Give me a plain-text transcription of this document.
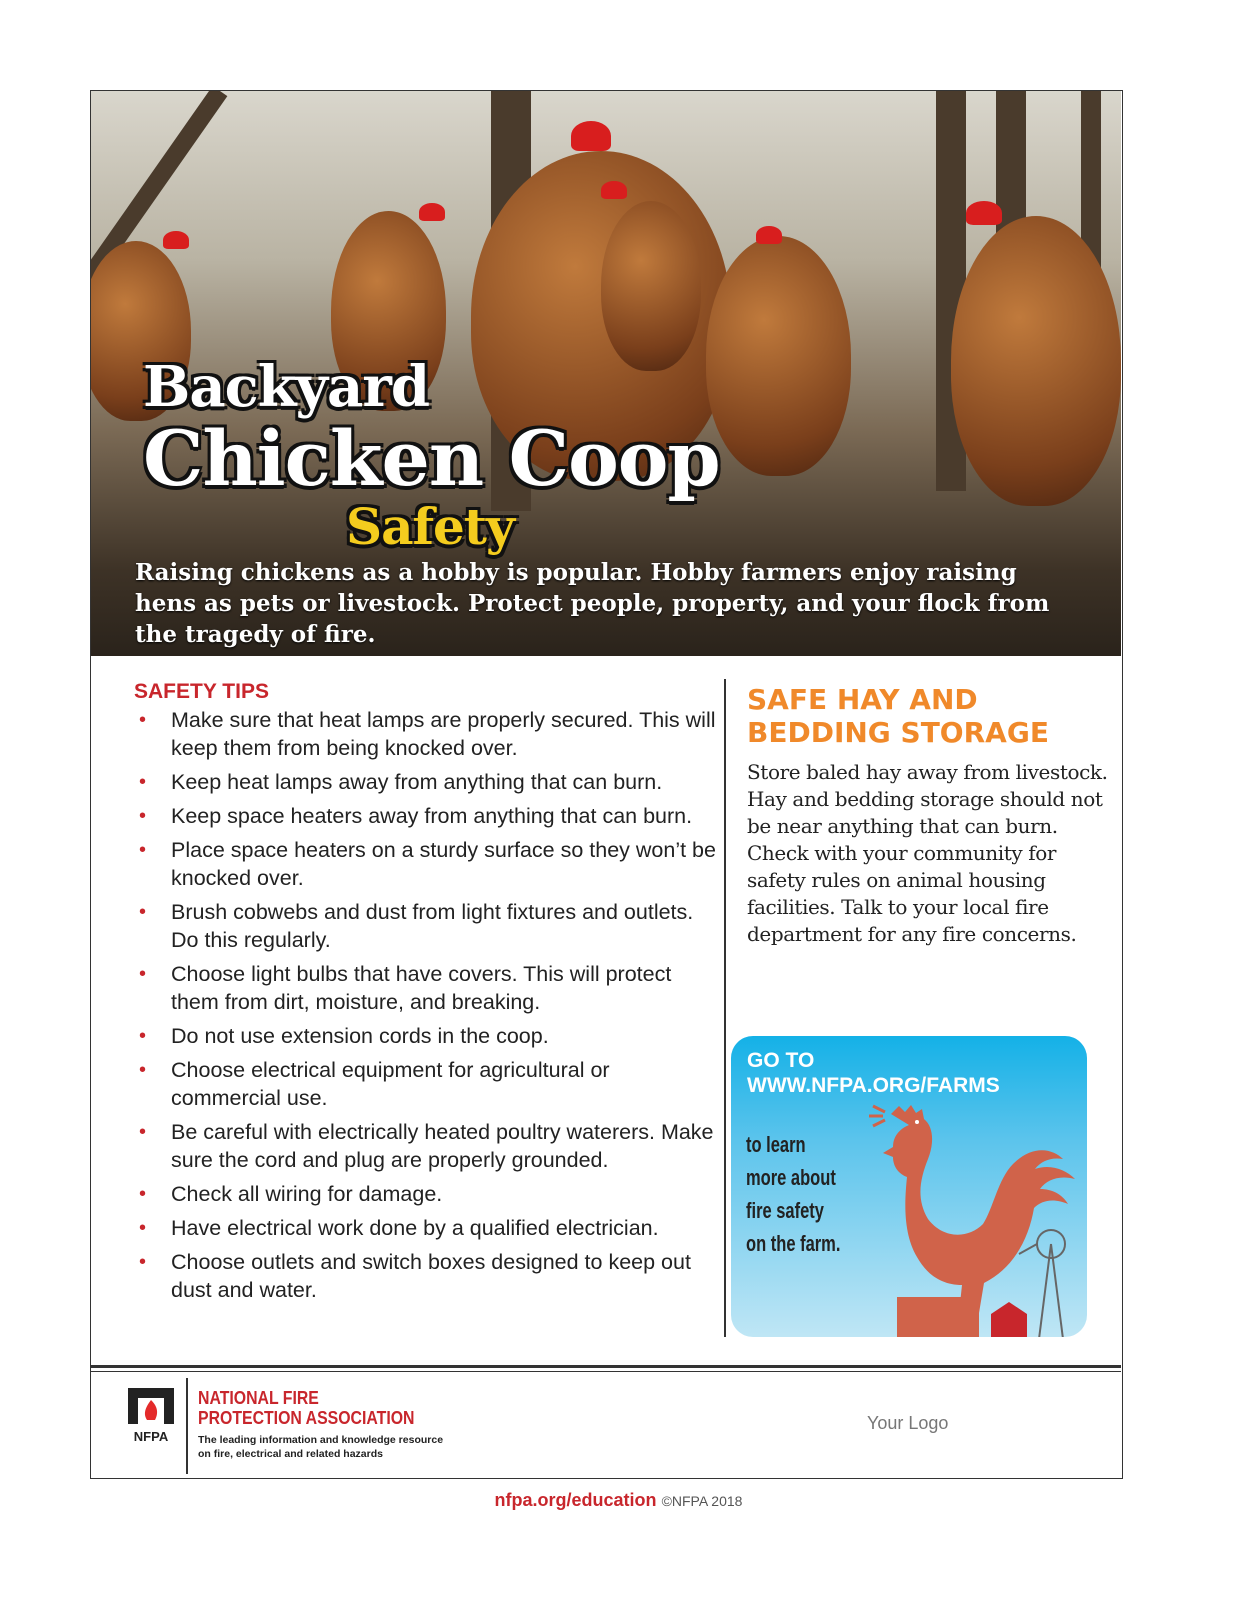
Backyard
Chicken Coop
Safety
Raising chickens as a hobby is popular. Hobby farmers enjoy raising hens as pets or livestock. Protect people, property, and your flock from the tragedy of fire.
SAFETY TIPS
• Make sure that heat lamps are properly secured. This will keep them from being knocked over.
• Keep heat lamps away from anything that can burn.
• Keep space heaters away from anything that can burn.
• Place space heaters on a sturdy surface so they won’t be knocked over.
• Brush cobwebs and dust from light fixtures and outlets. Do this regularly.
• Choose light bulbs that have covers. This will protect them from dirt, moisture, and breaking.
• Do not use extension cords in the coop.
• Choose electrical equipment for agricultural or commercial use.
• Be careful with electrically heated poultry waterers. Make sure the cord and plug are properly grounded.
• Check all wiring for damage.
• Have electrical work done by a qualified electrician.
• Choose outlets and switch boxes designed to keep out dust and water.
SAFE HAY AND BEDDING STORAGE

Store baled hay away from livestock. Hay and bedding storage should not be near anything that can burn. Check with your community for safety rules on animal housing facilities. Talk to your local fire department for any fire concerns.

GO TO
WWW.NFPA.ORG/FARMS
to learn
more about
fire safety
on the farm.
NFPA
NATIONAL FIRE
PROTECTION ASSOCIATION
The leading information and knowledge resource
on fire, electrical and related hazards
Your Logo
nfpa.org/education ©NFPA 2018
